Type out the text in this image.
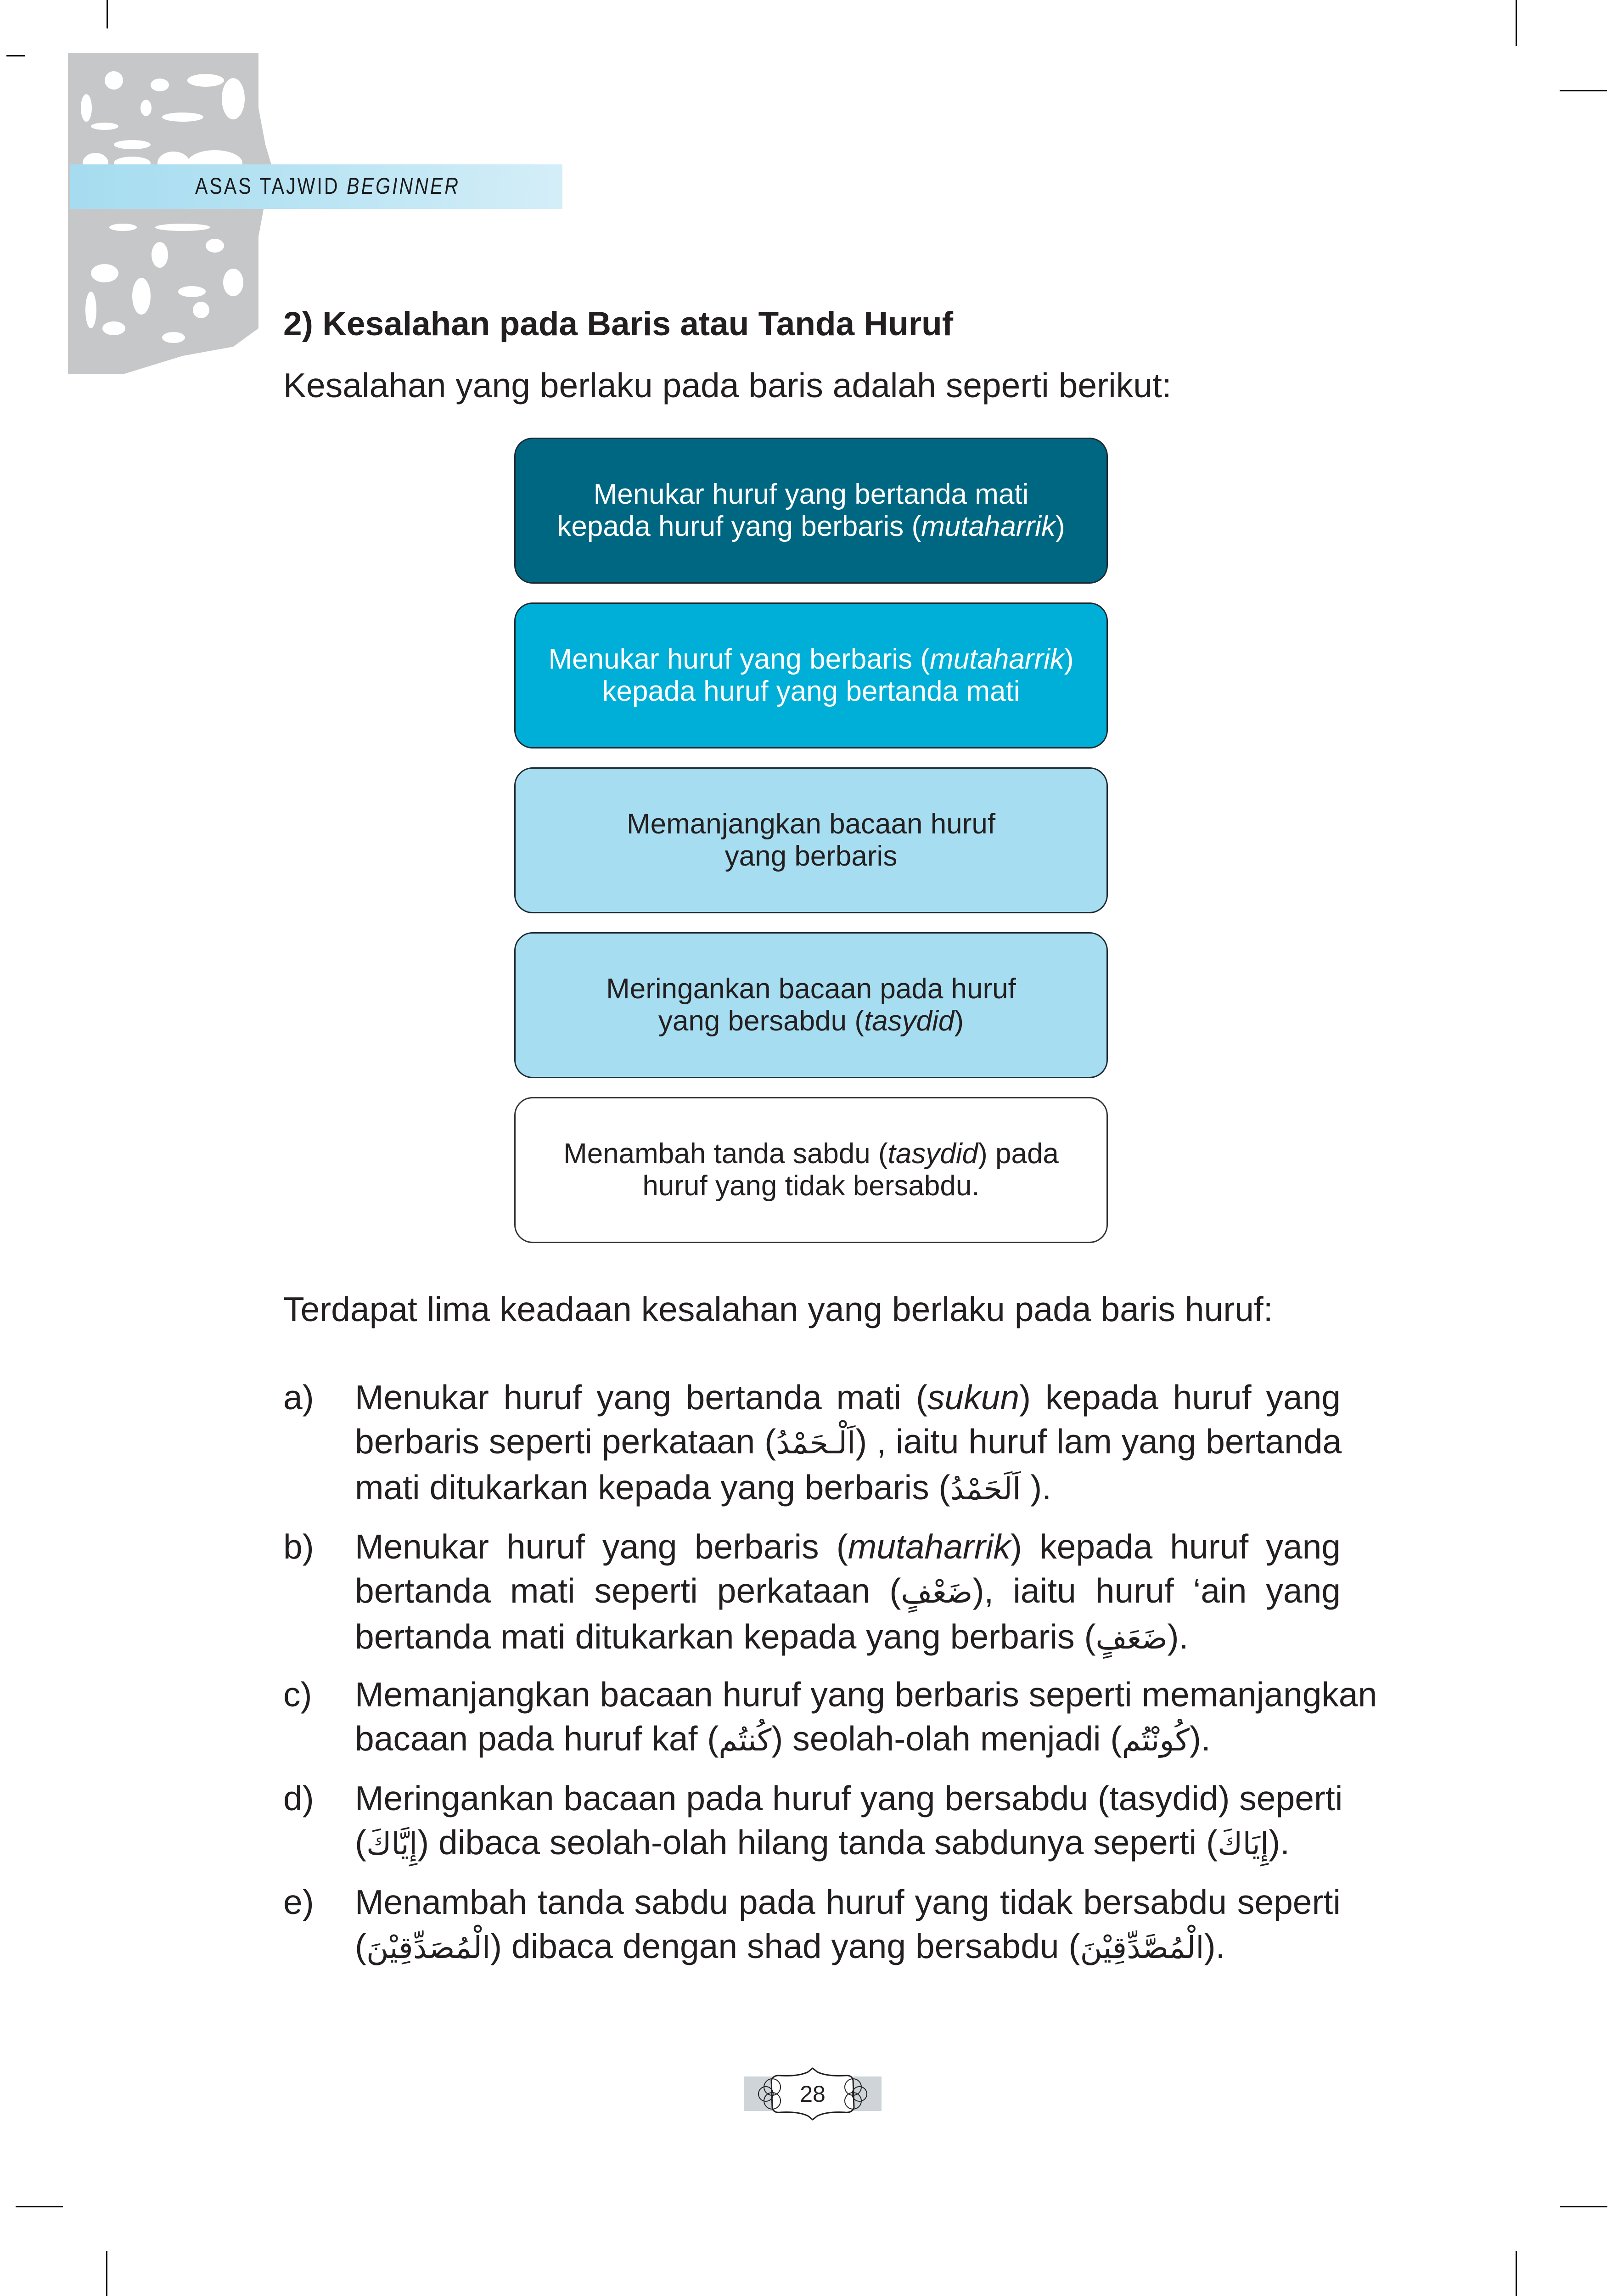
ASAS TAJWID BEGINNER
2) Kesalahan pada Baris atau Tanda Huruf
Kesalahan yang berlaku pada baris adalah seperti berikut:
Menukar huruf yang bertanda mati
kepada huruf yang berbaris (mutaharrik)
Menukar huruf yang berbaris (mutaharrik)
kepada huruf yang bertanda mati
Memanjangkan bacaan huruf
yang berbaris
Meringankan bacaan pada huruf
yang bersabdu (tasydid)
Menambah tanda sabdu (tasydid) pada
huruf yang tidak bersabdu.
Terdapat lima keadaan kesalahan yang berlaku pada baris huruf:
a) Menukar huruf yang bertanda mati (sukun) kepada huruf yang
berbaris seperti perkataan (اَلْـحَمْدُ) , iaitu huruf lam yang bertanda
mati ditukarkan kepada yang berbaris (اَلَحَمْدُ ).
b) Menukar huruf yang berbaris (mutaharrik) kepada huruf yang
bertanda mati seperti perkataan (ضَعْفٍ), iaitu huruf ‘ain yang
bertanda mati ditukarkan kepada yang berbaris (ضَعَفٍ).
c) Memanjangkan bacaan huruf yang berbaris seperti memanjangkan
bacaan pada huruf kaf (كُنتُم) seolah-olah menjadi (كُونْتُم).
d) Meringankan bacaan pada huruf yang bersabdu (tasydid) seperti
(إِيَّاكَ) dibaca seolah-olah hilang tanda sabdunya seperti (إِيَاكَ).
e) Menambah tanda sabdu pada huruf yang tidak bersabdu seperti
(الْمُصَدِّقِيْنَ) dibaca dengan shad yang bersabdu (الْمُصَّدِّقِيْنَ).
28
